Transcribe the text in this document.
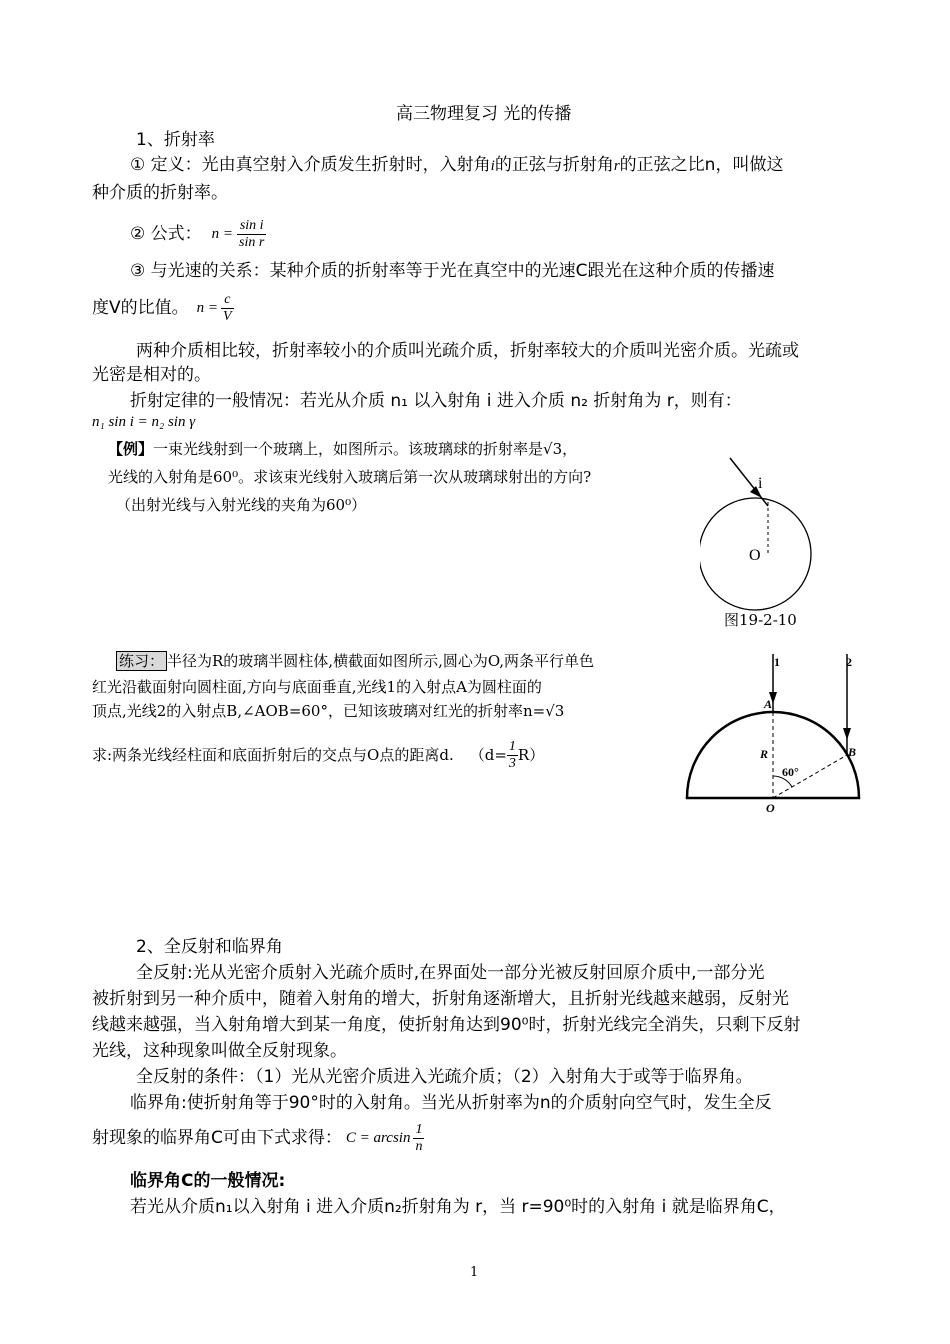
高三物理复习 光的传播
1、折射率
① 定义：光由真空射入介质发生折射时，入射角i的正弦与折射角r的正弦之比n，叫做这
种介质的折射率。
② 公式： $n = \frac{\text{sin i}}{\text{sin r}}$
③ 与光速的关系：某种介质的折射率等于光在真空中的光速C跟光在这种介质的传播速
度V的比值。 $n = \frac{c}{V}$
两种介质相比较，折射率较小的介质叫光疏介质，折射率较大的介质叫光密介质。光疏或
光密是相对的。
折射定律的一般情况：若光从介质 n₁ 以入射角 i 进入介质 n₂ 折射角为 r，则有：
n₁ sin i = n₂ sin γ
【例】一束光线射到一个玻璃上，如图所示。该玻璃球的折射率是√3，
光线的入射角是60⁰。求该束光线射入玻璃后第一次从玻璃球射出的方向?
（出射光线与入射光线的夹角为60⁰）
i
O
图19-2-10
练习： 半径为R的玻璃半圆柱体,横截面如图所示,圆心为O,两条平行单色
红光沿截面射向圆柱面,方向与底面垂直,光线1的入射点A为圆柱面的
顶点,光线2的入射点B,∠AOB=60°，已知该玻璃对红光的折射率n=√3
求:两条光线经柱面和底面折射后的交点与O点的距离d. $(d= \frac{1}{3} R)$
1	2
A
B
R
O
60°
2、全反射和临界角
全反射:光从光密介质射入光疏介质时,在界面处一部分光被反射回原介质中,一部分光
被折射到另一种介质中，随着入射角的增大，折射角逐渐增大，且折射光线越来越弱，反射光
线越来越强，当入射角增大到某一角度，使折射角达到90⁰时，折射光线完全消失，只剩下反射
光线，这种现象叫做全反射现象。
全反射的条件：（1）光从光密介质进入光疏介质；（2）入射角大于或等于临界角。
临界角:使折射角等于90°时的入射角。当光从折射率为n的介质射向空气时，发生全反
射现象的临界角C可由下式求得： $C = \arcsin \frac{1}{n}$
临界角C的一般情况:
若光从介质n₁以入射角 i 进入介质n₂折射角为 r，当 r=90⁰时的入射角 i 就是临界角C，
1
